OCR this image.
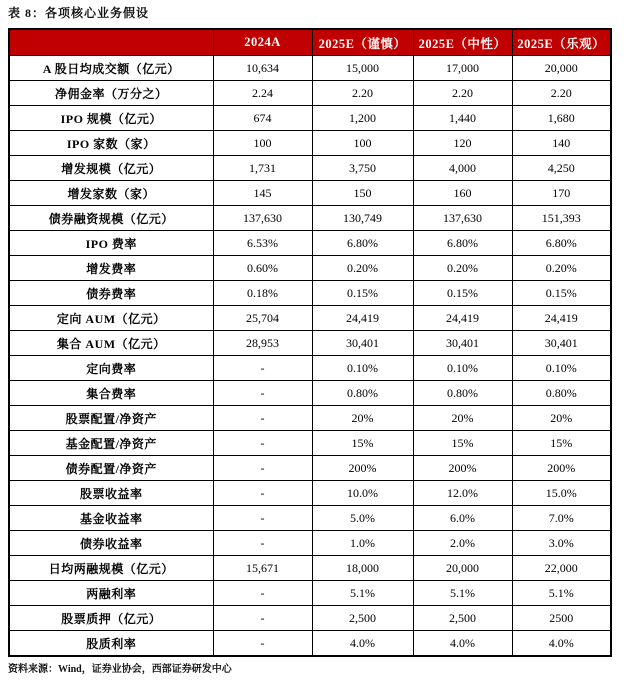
表 8：各项核心业务假设
	2024A	2025E（谨慎）	2025E（中性）	2025E（乐观）
A 股日均成交额（亿元）	10,634	15,000	17,000	20,000
净佣金率（万分之）	2.24	2.20	2.20	2.20
IPO 规模（亿元）	674	1,200	1,440	1,680
IPO 家数（家）	100	100	120	140
增发规模（亿元）	1,731	3,750	4,000	4,250
增发家数（家）	145	150	160	170
债券融资规模（亿元）	137,630	130,749	137,630	151,393
IPO 费率	6.53%	6.80%	6.80%	6.80%
增发费率	0.60%	0.20%	0.20%	0.20%
债券费率	0.18%	0.15%	0.15%	0.15%
定向 AUM（亿元）	25,704	24,419	24,419	24,419
集合 AUM（亿元）	28,953	30,401	30,401	30,401
定向费率	-	0.10%	0.10%	0.10%
集合费率	-	0.80%	0.80%	0.80%
股票配置/净资产	-	20%	20%	20%
基金配置/净资产	-	15%	15%	15%
债券配置/净资产	-	200%	200%	200%
股票收益率	-	10.0%	12.0%	15.0%
基金收益率	-	5.0%	6.0%	7.0%
债券收益率	-	1.0%	2.0%	3.0%
日均两融规模（亿元）	15,671	18,000	20,000	22,000
两融利率	-	5.1%	5.1%	5.1%
股票质押（亿元）	-	2,500	2,500	2500
股质利率	-	4.0%	4.0%	4.0%
资料来源：Wind，证券业协会，西部证券研发中心
